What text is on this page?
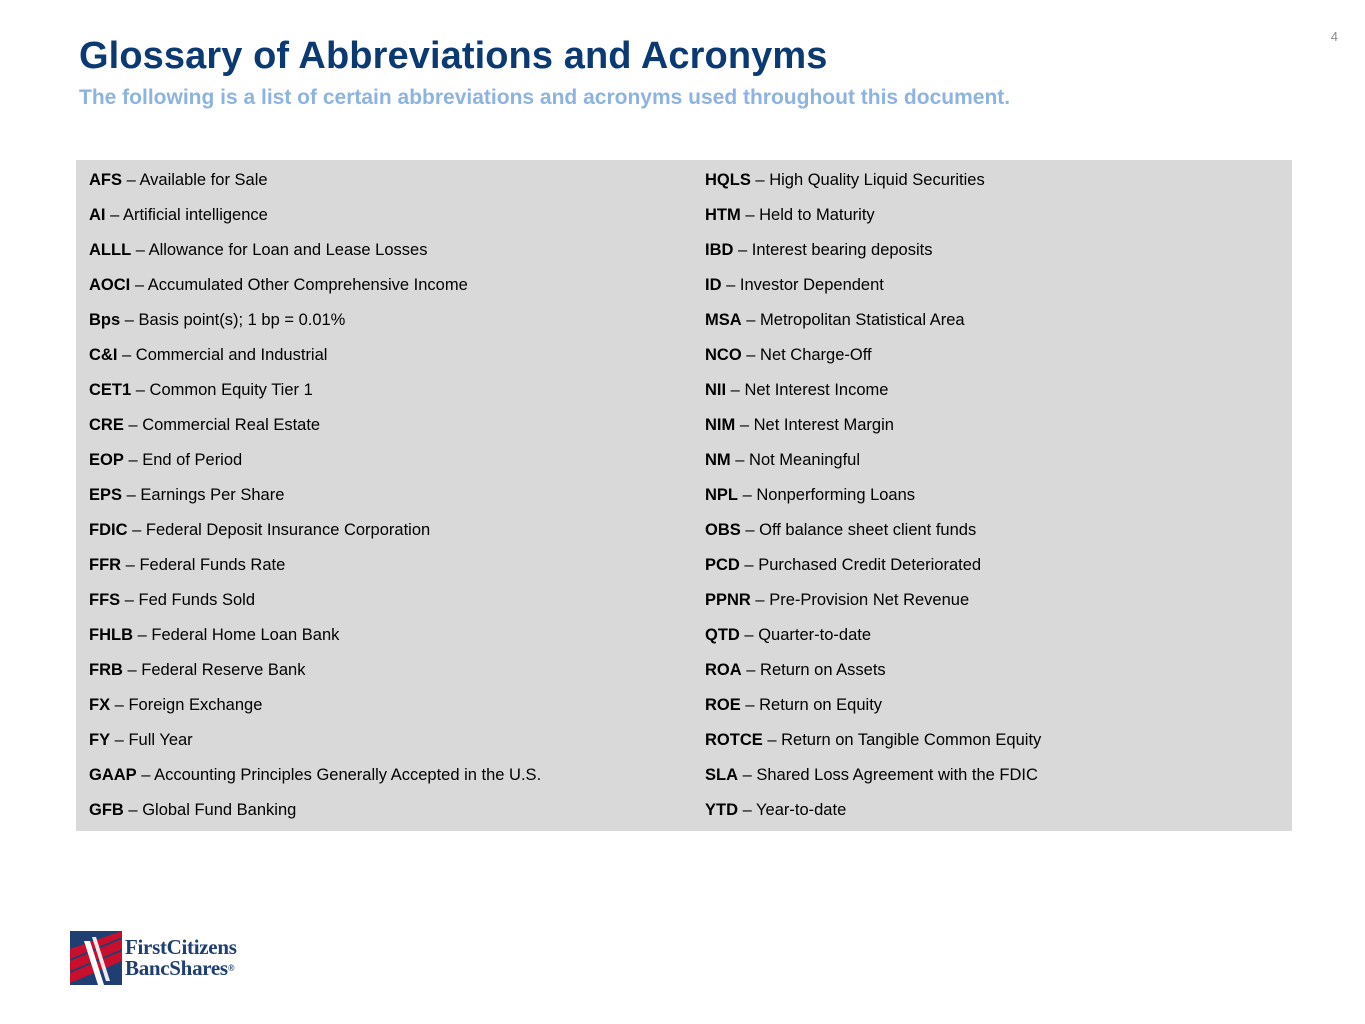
4
Glossary of Abbreviations and Acronyms
The following is a list of certain abbreviations and acronyms used throughout this document.
AFS – Available for Sale
AI – Artificial intelligence
ALLL – Allowance for Loan and Lease Losses
AOCI – Accumulated Other Comprehensive Income
Bps – Basis point(s); 1 bp = 0.01%
C&I – Commercial and Industrial
CET1 – Common Equity Tier 1
CRE – Commercial Real Estate
EOP – End of Period
EPS – Earnings Per Share
FDIC – Federal Deposit Insurance Corporation
FFR – Federal Funds Rate
FFS – Fed Funds Sold
FHLB – Federal Home Loan Bank
FRB – Federal Reserve Bank
FX – Foreign Exchange
FY – Full Year
GAAP – Accounting Principles Generally Accepted in the U.S.
GFB – Global Fund Banking
HQLS – High Quality Liquid Securities
HTM – Held to Maturity
IBD – Interest bearing deposits
ID – Investor Dependent
MSA – Metropolitan Statistical Area
NCO – Net Charge-Off
NII – Net Interest Income
NIM – Net Interest Margin
NM – Not Meaningful
NPL – Nonperforming Loans
OBS – Off balance sheet client funds
PCD – Purchased Credit Deteriorated
PPNR – Pre-Provision Net Revenue
QTD – Quarter-to-date
ROA – Return on Assets
ROE – Return on Equity
ROTCE – Return on Tangible Common Equity
SLA – Shared Loss Agreement with the FDIC
YTD – Year-to-date
FirstCitizens
BancShares®
